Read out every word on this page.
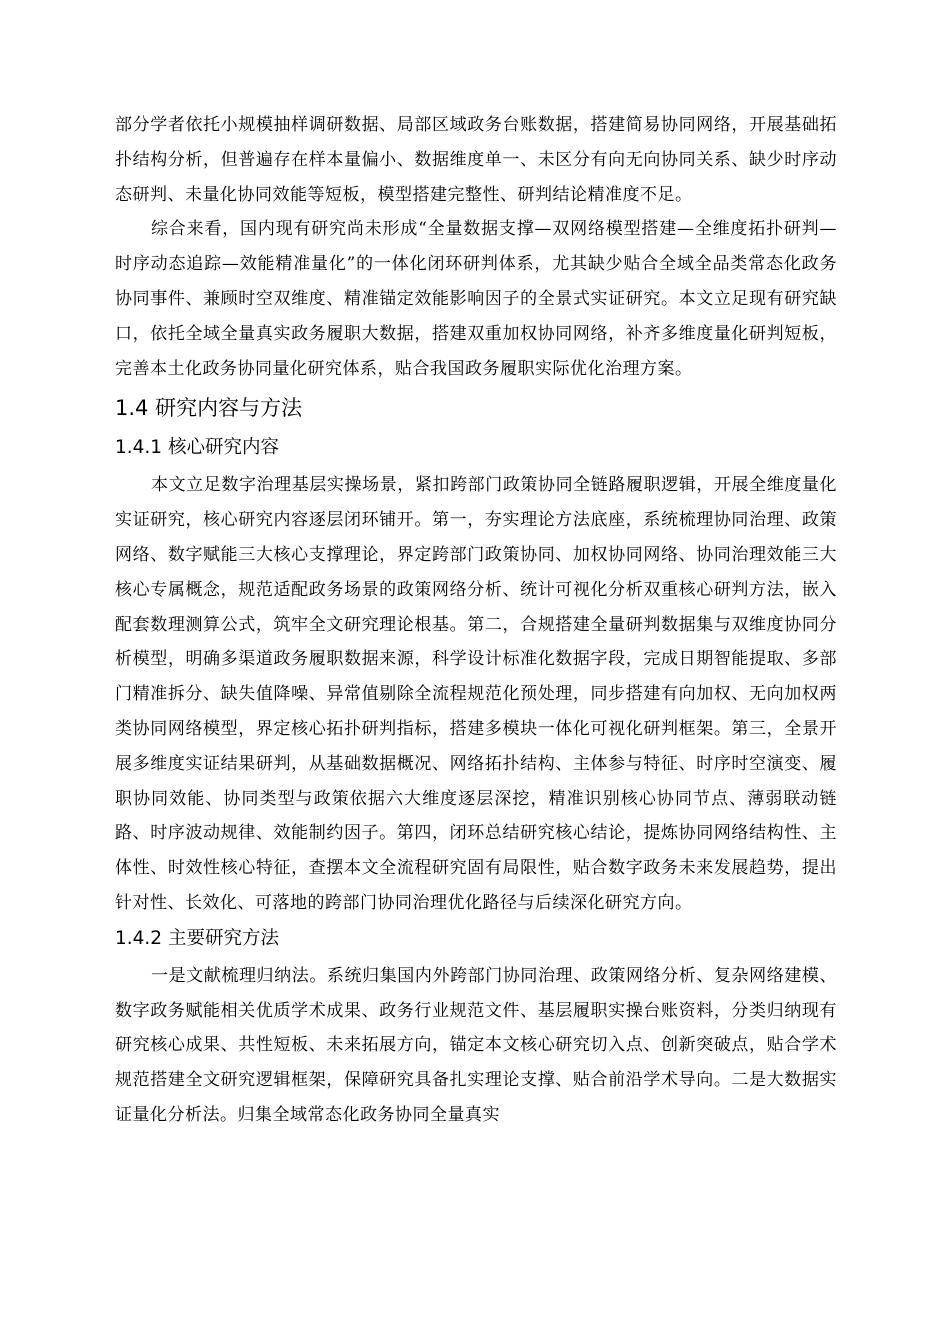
部分学者依托小规模抽样调研数据、局部区域政务台账数据，搭建简易协同网络，开展基础拓扑结构分析，但普遍存在样本量偏小、数据维度单一、未区分有向无向协同关系、缺少时序动态研判、未量化协同效能等短板，模型搭建完整性、研判结论精准度不足。

综合来看，国内现有研究尚未形成“全量数据支撑—双网络模型搭建—全维度拓扑研判—时序动态追踪—效能精准量化”的一体化闭环研判体系，尤其缺少贴合全域全品类常态化政务协同事件、兼顾时空双维度、精准锚定效能影响因子的全景式实证研究。本文立足现有研究缺口，依托全域全量真实政务履职大数据，搭建双重加权协同网络，补齐多维度量化研判短板，完善本土化政务协同量化研究体系，贴合我国政务履职实际优化治理方案。

1.4 研究内容与方法
1.4.1 核心研究内容

本文立足数字治理基层实操场景，紧扣跨部门政策协同全链路履职逻辑，开展全维度量化实证研究，核心研究内容逐层闭环铺开。第一，夯实理论方法底座，系统梳理协同治理、政策网络、数字赋能三大核心支撑理论，界定跨部门政策协同、加权协同网络、协同治理效能三大核心专属概念，规范适配政务场景的政策网络分析、统计可视化分析双重核心研判方法，嵌入配套数理测算公式，筑牢全文研究理论根基。第二，合规搭建全量研判数据集与双维度协同分析模型，明确多渠道政务履职数据来源，科学设计标准化数据字段，完成日期智能提取、多部门精准拆分、缺失值降噪、异常值剔除全流程规范化预处理，同步搭建有向加权、无向加权两类协同网络模型，界定核心拓扑研判指标，搭建多模块一体化可视化研判框架。第三，全景开展多维度实证结果研判，从基础数据概况、网络拓扑结构、主体参与特征、时序时空演变、履职协同效能、协同类型与政策依据六大维度逐层深挖，精准识别核心协同节点、薄弱联动链路、时序波动规律、效能制约因子。第四，闭环总结研究核心结论，提炼协同网络结构性、主体性、时效性核心特征，查摆本文全流程研究固有局限性，贴合数字政务未来发展趋势，提出针对性、长效化、可落地的跨部门协同治理优化路径与后续深化研究方向。

1.4.2 主要研究方法

一是文献梳理归纳法。系统归集国内外跨部门协同治理、政策网络分析、复杂网络建模、数字政务赋能相关优质学术成果、政务行业规范文件、基层履职实操台账资料，分类归纳现有研究核心成果、共性短板、未来拓展方向，锚定本文核心研究切入点、创新突破点，贴合学术规范搭建全文研究逻辑框架，保障研究具备扎实理论支撑、贴合前沿学术导向。二是大数据实证量化分析法。归集全域常态化政务协同全量真实
